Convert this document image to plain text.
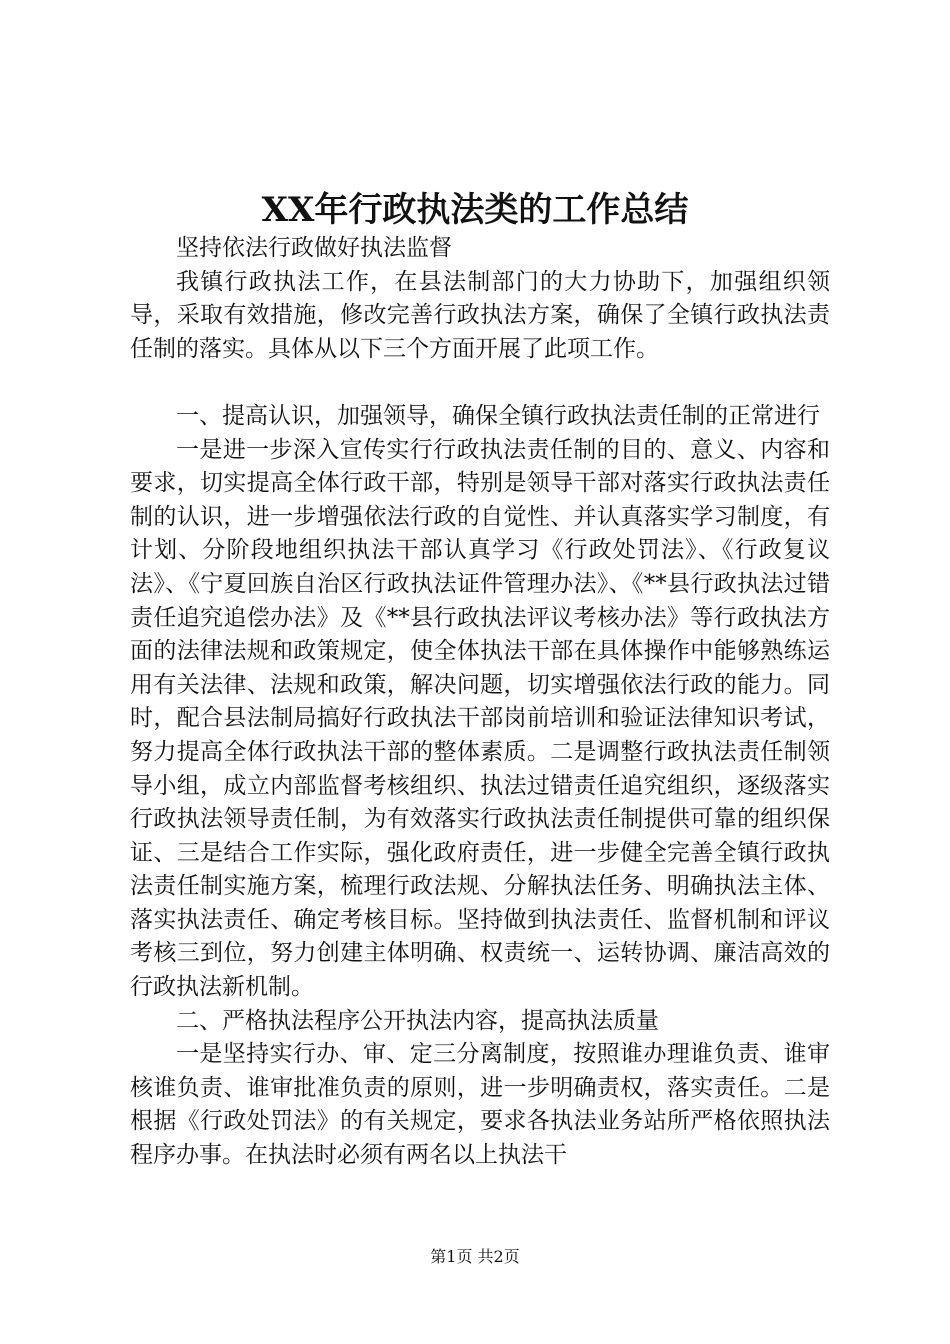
XX年行政执法类的工作总结

坚持依法行政做好执法监督

我镇行政执法工作，在县法制部门的大力协助下，加强组织领导，采取有效措施，修改完善行政执法方案，确保了全镇行政执法责任制的落实。具体从以下三个方面开展了此项工作。

一、提高认识，加强领导，确保全镇行政执法责任制的正常进行

一是进一步深入宣传实行行政执法责任制的目的、意义、内容和要求，切实提高全体行政干部，特别是领导干部对落实行政执法责任制的认识，进一步增强依法行政的自觉性、并认真落实学习制度，有计划、分阶段地组织执法干部认真学习《行政处罚法》、《行政复议法》、《宁夏回族自治区行政执法证件管理办法》、《**县行政执法过错责任追究追偿办法》及《**县行政执法评议考核办法》等行政执法方面的法律法规和政策规定，使全体执法干部在具体操作中能够熟练运用有关法律、法规和政策，解决问题，切实增强依法行政的能力。同时，配合县法制局搞好行政执法干部岗前培训和验证法律知识考试，努力提高全体行政执法干部的整体素质。二是调整行政执法责任制领导小组，成立内部监督考核组织、执法过错责任追究组织，逐级落实行政执法领导责任制，为有效落实行政执法责任制提供可靠的组织保证、三是结合工作实际，强化政府责任，进一步健全完善全镇行政执法责任制实施方案，梳理行政法规、分解执法任务、明确执法主体、落实执法责任、确定考核目标。坚持做到执法责任、监督机制和评议考核三到位，努力创建主体明确、权责统一、运转协调、廉洁高效的行政执法新机制。

二、严格执法程序公开执法内容，提高执法质量

一是坚持实行办、审、定三分离制度，按照谁办理谁负责、谁审核谁负责、谁审批准负责的原则，进一步明确责权，落实责任。二是根据《行政处罚法》的有关规定，要求各执法业务站所严格依照执法程序办事。在执法时必须有两名以上执法干

第1页 共2页
